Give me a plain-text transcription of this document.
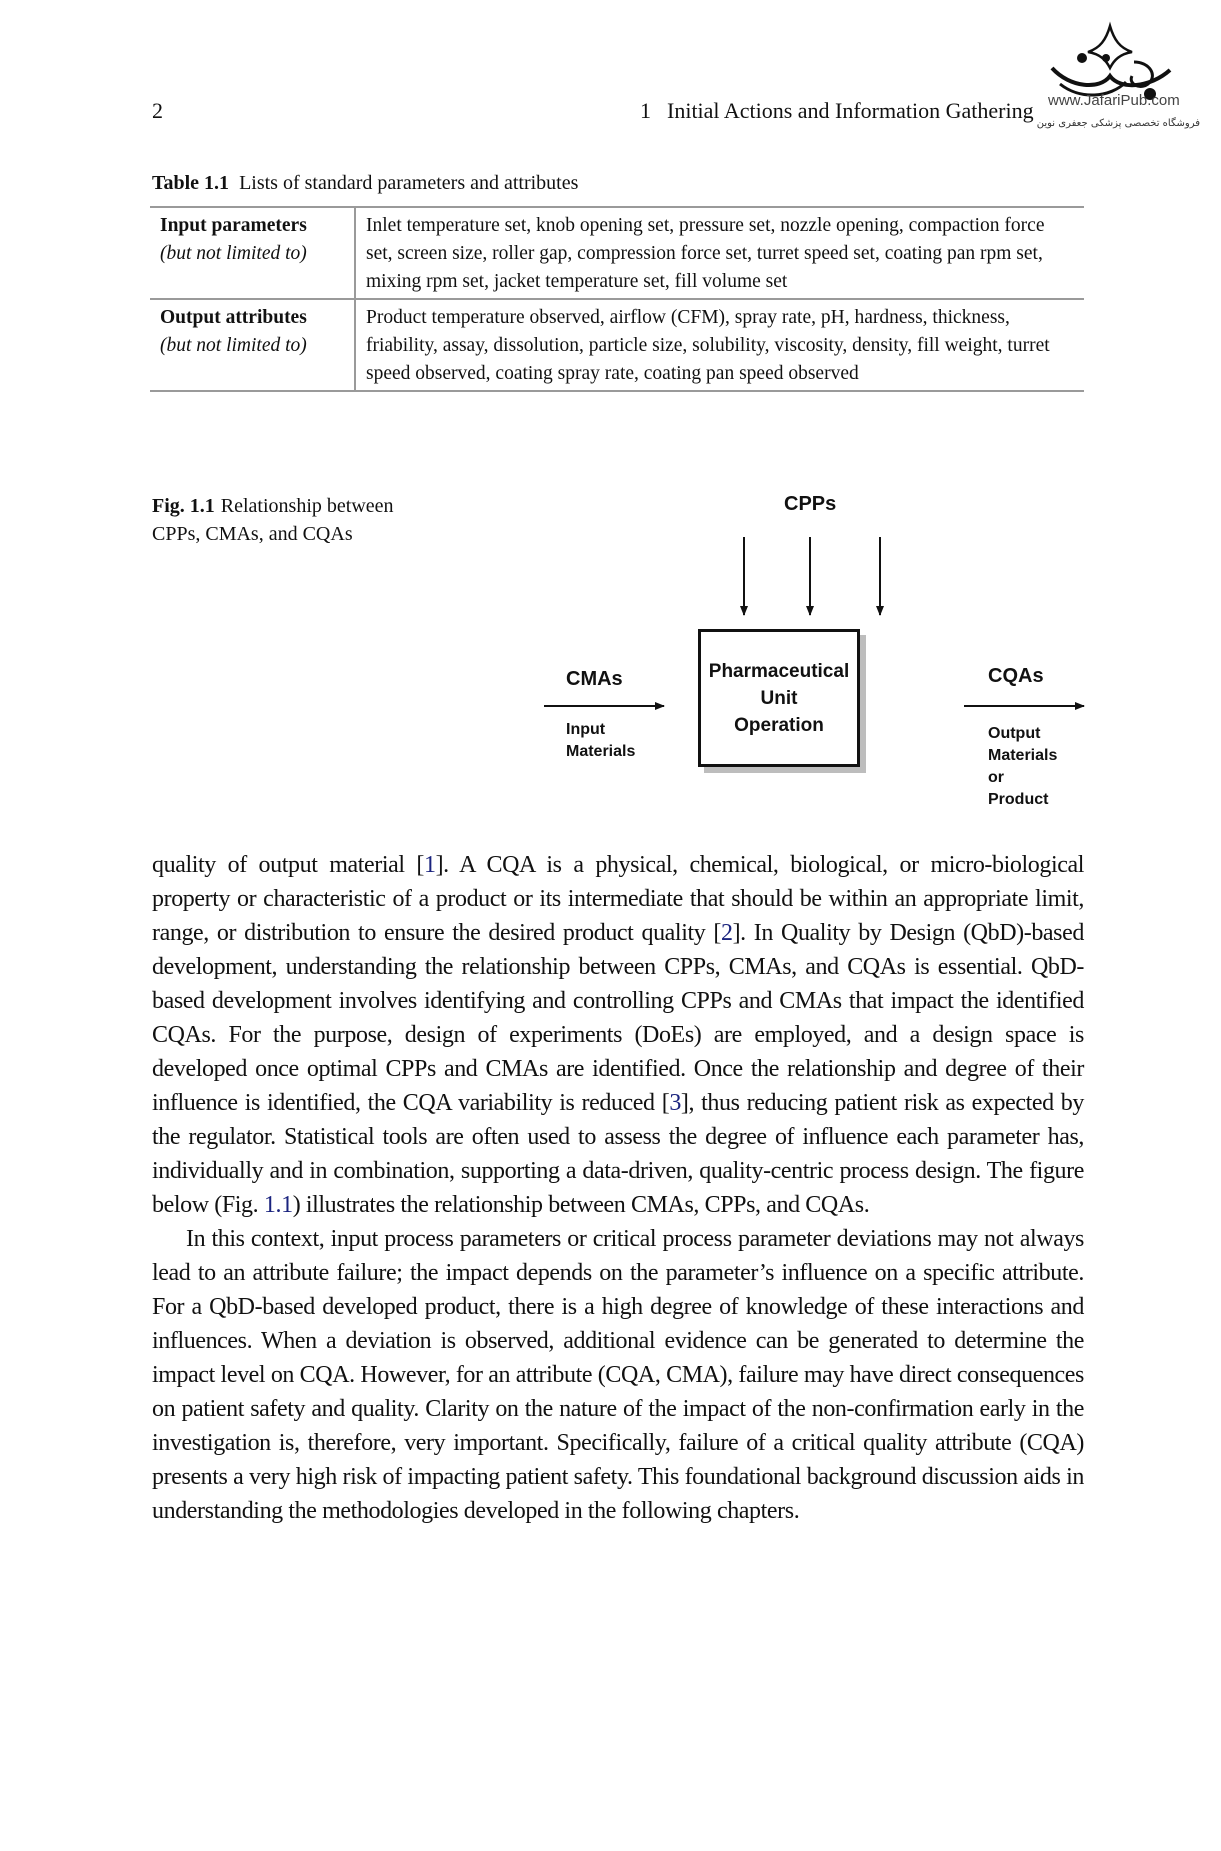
2	1 Initial Actions and Information Gathering www.JafariPub.com
فروشگاه تخصصی پزشکی جعفری نوین
Table 1.1 Lists of standard parameters and attributes
Input parameters
(but not limited to)	Inlet temperature set, knob opening set, pressure set, nozzle opening, compaction force set, screen size, roller gap, compression force set, turret speed set, coating pan rpm set, mixing rpm set, jacket temperature set, fill volume set

Output attributes
(but not limited to)	Product temperature observed, airflow (CFM), spray rate, pH, hardness, thickness, friability, assay, dissolution, particle size, solubility, viscosity, density, fill weight, turret speed observed, coating spray rate, coating pan speed observed
Fig. 1.1 Relationship between CPPs, CMAs, and CQAs
CPPs
CMAs
Input
Materials
Pharmaceutical
Unit
Operation
CQAs
Output
Materials
or
Product

quality of output material [1]. A CQA is a physical, chemical, biological, or micro-biological property or characteristic of a product or its intermediate that should be within an appropriate limit, range, or distribution to ensure the desired product quality [2]. In Quality by Design (QbD)-based development, understanding the relationship between CPPs, CMAs, and CQAs is essential. QbD-based development involves identifying and controlling CPPs and CMAs that impact the identified CQAs. For the purpose, design of experiments (DoEs) are employed, and a design space is developed once optimal CPPs and CMAs are identified. Once the relationship and degree of their influence is identified, the CQA variability is reduced [3], thus reducing patient risk as expected by the regulator. Statistical tools are often used to assess the degree of influence each parameter has, individually and in combination, supporting a data-driven, quality-centric process design. The figure below (Fig. 1.1) illustrates the relationship between CMAs, CPPs, and CQAs.

In this context, input process parameters or critical process parameter deviations may not always lead to an attribute failure; the impact depends on the parameter’s influence on a specific attribute. For a QbD-based developed product, there is a high degree of knowledge of these interactions and influences. When a deviation is observed, additional evidence can be generated to determine the impact level on CQA. However, for an attribute (CQA, CMA), failure may have direct consequences on patient safety and quality. Clarity on the nature of the impact of the non-confirmation early in the investigation is, therefore, very important. Specifically, failure of a critical quality attribute (CQA) presents a very high risk of impacting patient safety. This foundational background discussion aids in understanding the methodologies developed in the following chapters.
